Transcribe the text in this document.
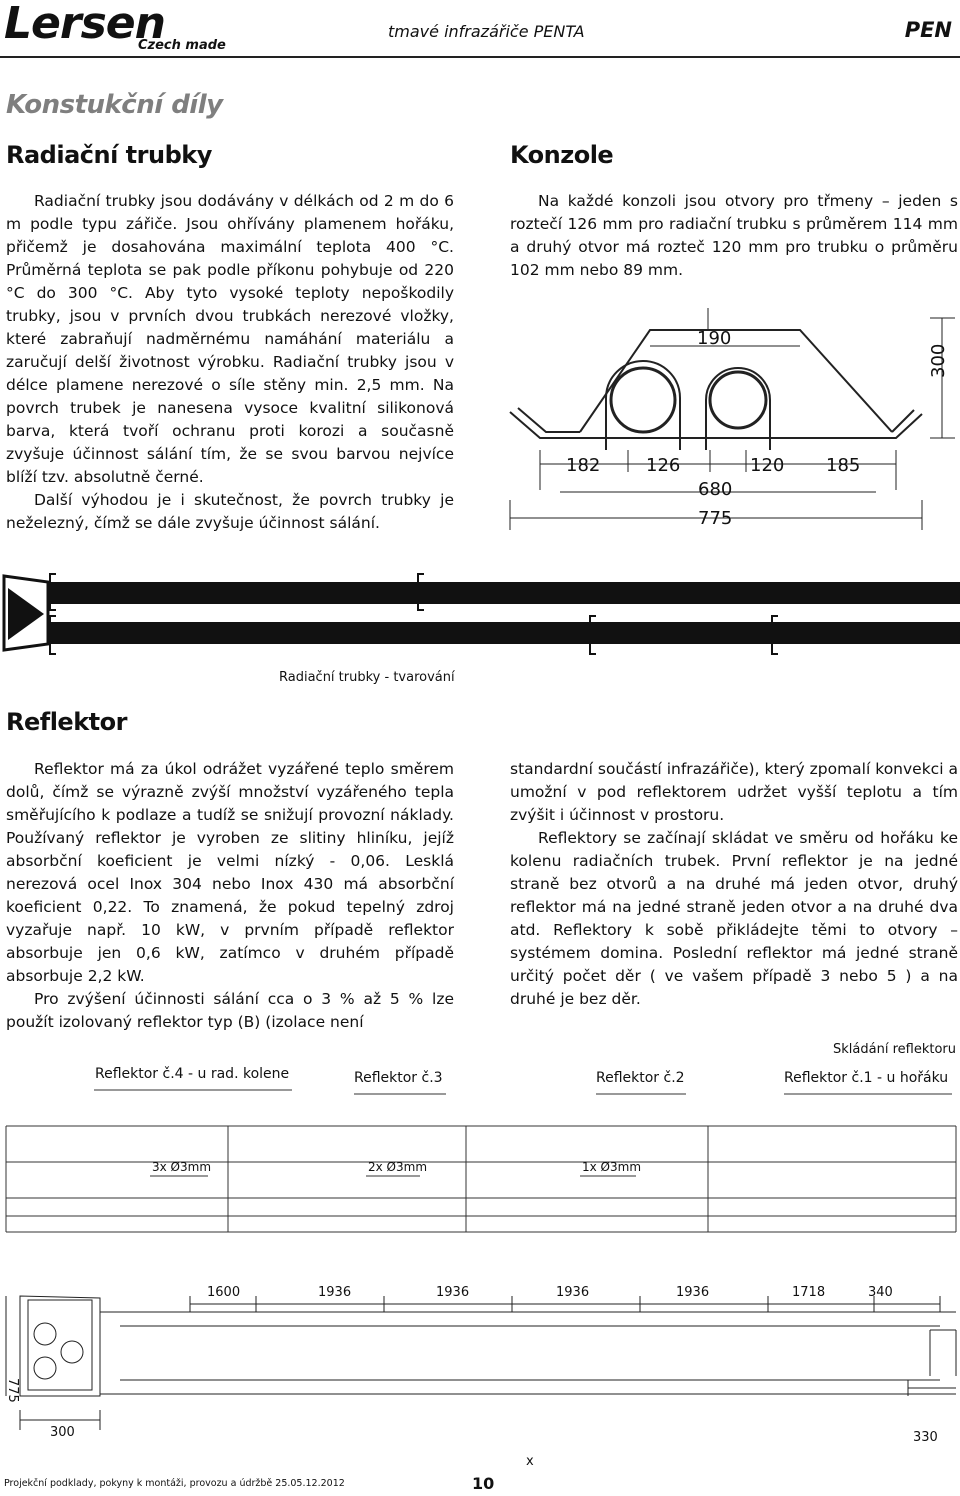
Lersen
Czech made
tmavé infrazářiče PENTA	PEN
Konstukční díly
Radiační trubky

Radiační trubky jsou dodávány v délkách od 2 m do 6 m podle typu zářiče. Jsou ohřívány plamenem hořáku, přičemž je dosahována maximální teplota 400 °C. Průměrná teplota se pak podle příkonu pohybuje od 220 °C do 300 °C. Aby tyto vysoké teploty nepoškodily trubky, jsou v prvních dvou trubkách nerezové vložky, které zabraňují nadměrnému namáhání materiálu a zaručují delší životnost výrobku. Radiační trubky jsou v délce plamene nerezové o síle stěny min. 2,5 mm. Na povrch trubek je nanesena vysoce kvalitní silikonová barva, která tvoří ochranu proti korozi a současně zvyšuje účinnost sálání tím, že se svou barvou nejvíce blíží tzv. absolutně černé.

Další výhodou je i skutečnost, že povrch trubky je neželezný, čímž se dále zvyšuje účinnost sálání.

Konzole

Na každé konzoli jsou otvory pro třmeny – jeden s roztečí 126 mm pro radiační trubku s průměrem 114 mm a druhý otvor má rozteč 120 mm pro trubku o průměru 102 mm nebo 89 mm.

190
300
182	126	120 185
680
775
Radiační trubky - tvarování
Reflektor

Reflektor má za úkol odrážet vyzářené teplo směrem dolů, čímž se výrazně zvýší množství vyzářeného tepla směřujícího k podlaze a tudíž se snižují provozní náklady. Používaný reflektor je vyroben ze slitiny hliníku, jejíž absorbční koeficient je velmi nízký - 0,06. Lesklá nerezová ocel Inox 304 nebo Inox 430 má absorbční koeficient 0,22. To znamená, že pokud tepelný zdroj vyzařuje např. 10 kW, v prvním případě reflektor absorbuje jen 0,6 kW, zatímco v druhém případě absorbuje 2,2 kW.

Pro zvýšení účinnosti sálání cca o 3 % až 5 % lze použít izolovaný reflektor typ (B) (izolace není

standardní součástí infrazářiče), který zpomalí konvekci a umožní v pod reflektorem udržet vyšší teplotu a tím zvýšit i účinnost v prostoru.

Reflektory se začínají skládat ve směru od hořáku ke kolenu radiačních trubek. První reflektor je na jedné straně bez otvorů a na druhé má jeden otvor, druhý reflektor má na jedné straně jeden otvor a na druhé dva atd. Reflektory k sobě přikládejte těmi to otvory – systémem domina. Poslední reflektor má jedné straně určitý počet děr ( ve vašem případě 3 nebo 5 ) a na druhé je bez děr.

Skládání reflektoru
Reflektor č.4 - u rad. kolene	Reflektor č.3	Reflektor č.2	Reflektor č.1 - u hořáku
3x Ø3mm	2x Ø3mm	1x Ø3mm
1600	1936	1936	1936	1936	1718	340
775
300	330
x
Projekční podklady, pokyny k montáži, provozu a údržbě 25.05.12.2012	10
